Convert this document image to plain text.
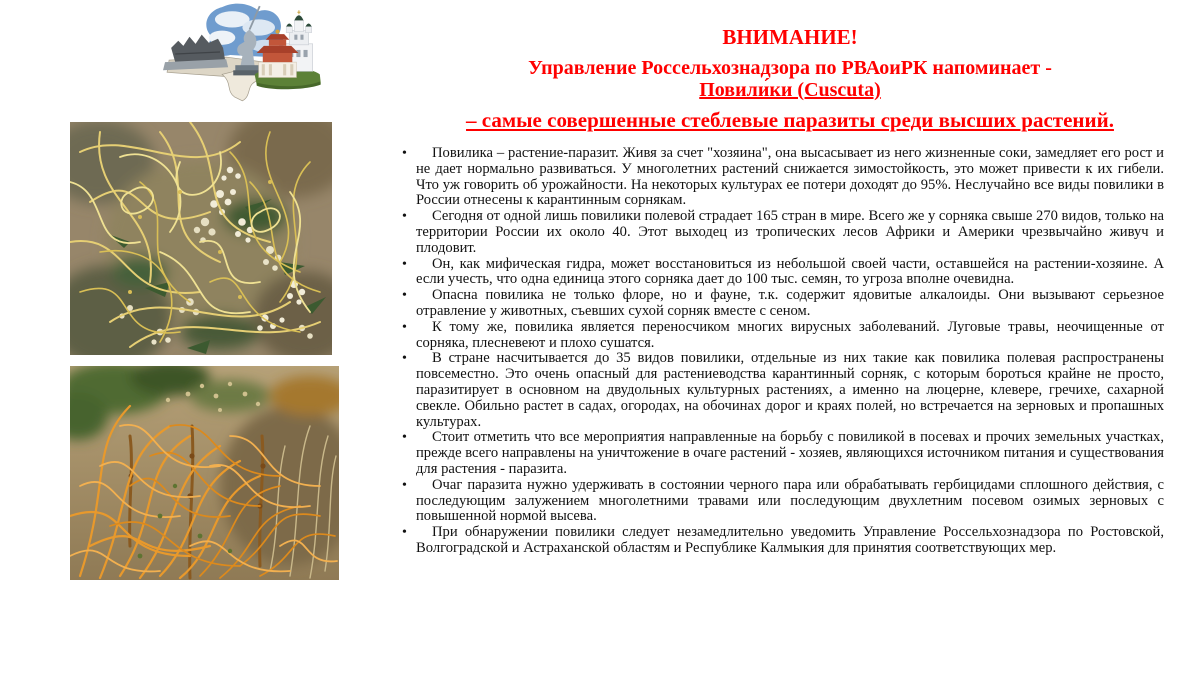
ВНИМАНИЕ!

Управление Россельхознадзора по РВАоиРК напоминает -

Повили́ки (Cuscuta)

– самые совершенные стеблевые паразиты среди высших растений.

• Повилика – растение-паразит. Живя за счет "хозяина", она высасывает из него жизненные соки, замедляет его рост и не дает нормально развиваться. У многолетних растений снижается зимостойкость, это может привести к их гибели. Что уж говорить об урожайности. На некоторых культурах ее потери доходят до 95%. Неслучайно все виды повилики в России отнесены к карантинным сорнякам.
• Сегодня от одной лишь повилики полевой страдает 165 стран в мире. Всего же у сорняка свыше 270 видов, только на территории России их около 40. Этот выходец из тропических лесов Африки и Америки чрезвычайно живуч и плодовит.
• Он, как мифическая гидра, может восстановиться из небольшой своей части, оставшейся на растении-хозяине. А если учесть, что одна единица этого сорняка дает до 100 тыс. семян, то угроза вполне очевидна.
• Опасна повилика не только флоре, но и фауне, т.к. содержит ядовитые алкалоиды. Они вызывают серьезное отравление у животных, съевших сухой сорняк вместе с сеном.
• К тому же, повилика является переносчиком многих вирусных заболеваний. Луговые травы, неочищенные от сорняка, плесневеют и плохо сушатся.
• В стране насчитывается до 35 видов повилики, отдельные из них такие как повилика полевая распространены повсеместно. Это очень опасный для растениеводства карантинный сорняк, с которым бороться крайне не просто, паразитирует в основном на двудольных культурных растениях, а именно на люцерне, клевере, гречихе, сахарной свекле. Обильно растет в садах, огородах, на обочинах дорог и краях полей, но встречается на зерновых и пропашных культурах.
• Стоит отметить что все мероприятия направленные на борьбу с повиликой в посевах и прочих земельных участках, прежде всего направлены на уничтожение в очаге растений - хозяев, являющихся источником питания и существования для растения - паразита.
• Очаг паразита нужно удерживать в состоянии черного пара или обрабатывать гербицидами сплошного действия, с последующим залужением многолетними травами или последующим двухлетним посевом озимых зерновых с повышенной нормой высева.
• При обнаружении повилики следует незамедлительно уведомить Управление Россельхознадзора по Ростовской, Волгоградской и Астраханской областям и Республике Калмыкия для принятия соответствующих мер.
